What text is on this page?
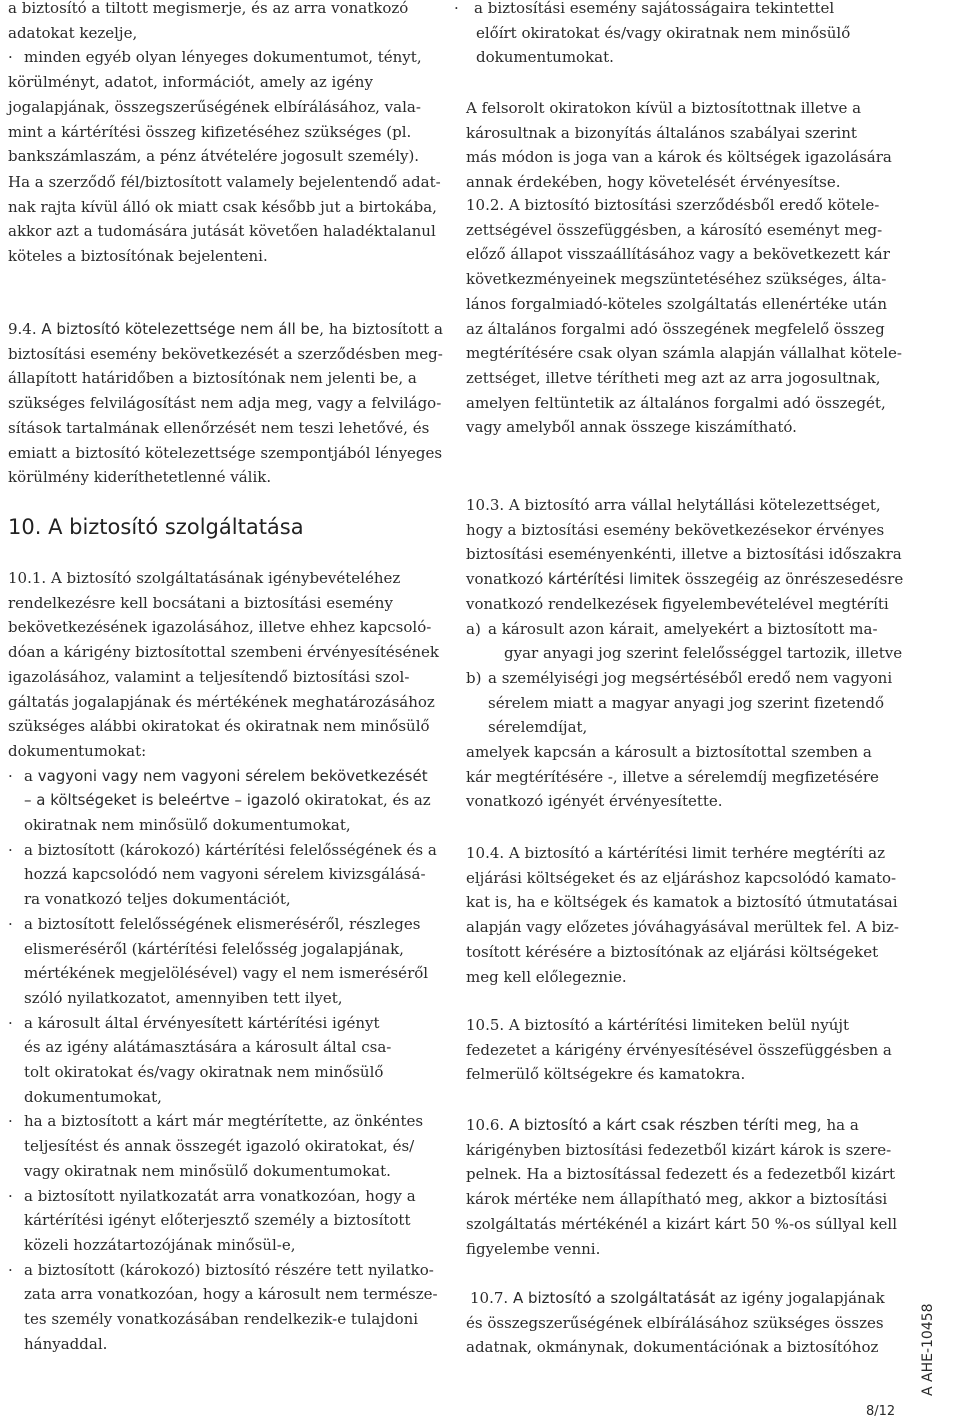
a biztosító a tiltott megismerje, és az arra vonatkozó
adatokat kezelje,
· minden egyéb olyan lényeges dokumentumot, tényt,
körülményt, adatot, információt, amely az igény
jogalapjának, összegszerűségének elbírálásához, vala-
mint a kártérítési összeg kifizetéséhez szükséges (pl.
bankszámlaszám, a pénz átvételére jogosult személy).
Ha a szerződő fél/biztosított valamely bejelentendő adat-
nak rajta kívül álló ok miatt csak később jut a birtokába,
akkor azt a tudomására jutását követően haladéktalanul
köteles a biztosítónak bejelenteni.
9.4. A biztosító kötelezettsége nem áll be, ha biztosított a
biztosítási esemény bekövetkezését a szerződésben meg-
állapított határidőben a biztosítónak nem jelenti be, a
szükséges felvilágosítást nem adja meg, vagy a felvilágo-
sítások tartalmának ellenőrzését nem teszi lehetővé, és
emiatt a biztosító kötelezettsége szempontjából lényeges
körülmény kideríthetetlenné válik.
10. A biztosító szolgáltatása
10.1. A biztosító szolgáltatásának igénybevételéhez
rendelkezésre kell bocsátani a biztosítási esemény
bekövetkezésének igazolásához, illetve ehhez kapcsoló-
dóan a kárigény biztosítottal szembeni érvényesítésének
igazolásához, valamint a teljesítendő biztosítási szol-
gáltatás jogalapjának és mértékének meghatározásához
szükséges alábbi okiratokat és okiratnak nem minősülő
dokumentumokat:
· a vagyoni vagy nem vagyoni sérelem bekövetkezését
– a költségeket is beleértve – igazoló okiratokat, és az
okiratnak nem minősülő dokumentumokat,
· a biztosított (károkozó) kártérítési felelősségének és a
hozzá kapcsolódó nem vagyoni sérelem kivizsgálásá-
ra vonatkozó teljes dokumentációt,
· a biztosított felelősségének elismeréséről, részleges
elismeréséről (kártérítési felelősség jogalapjának,
mértékének megjelölésével) vagy el nem ismeréséről
szóló nyilatkozatot, amennyiben tett ilyet,
· a károsult által érvényesített kártérítési igényt
és az igény alátámasztására a károsult által csa-
tolt okiratokat és/vagy okiratnak nem minősülő
dokumentumokat,
· ha a biztosított a kárt már megtérítette, az önkéntes
teljesítést és annak összegét igazoló okiratokat, és/
vagy okiratnak nem minősülő dokumentumokat.
· a biztosított nyilatkozatát arra vonatkozóan, hogy a
kártérítési igényt előterjesztő személy a biztosított
közeli hozzátartozójának minősül-e,
· a biztosított (károkozó) biztosító részére tett nyilatko-
zata arra vonatkozóan, hogy a károsult nem természe-
tes személy vonatkozásában rendelkezik-e tulajdoni
hányaddal.
· a biztosítási esemény sajátosságaira tekintettel
előírt okiratokat és/vagy okiratnak nem minősülő
dokumentumokat.
A felsorolt okiratokon kívül a biztosítottnak illetve a
károsultnak a bizonyítás általános szabályai szerint
más módon is joga van a károk és költségek igazolására
annak érdekében, hogy követelését érvényesítse.
10.2. A biztosító biztosítási szerződésből eredő kötele-
zettségével összefüggésben, a károsító eseményt meg-
előző állapot visszaállításához vagy a bekövetkezett kár
következményeinek megszüntetéséhez szükséges, álta-
lános forgalmiadó-köteles szolgáltatás ellenértéke után
az általános forgalmi adó összegének megfelelő összeg
megtérítésére csak olyan számla alapján vállalhat kötele-
zettséget, illetve térítheti meg azt az arra jogosultnak,
amelyen feltüntetik az általános forgalmi adó összegét,
vagy amelyből annak összege kiszámítható.
10.3. A biztosító arra vállal helytállási kötelezettséget,
hogy a biztosítási esemény bekövetkezésekor érvényes
biztosítási eseményenkénti, illetve a biztosítási időszakra
vonatkozó kártérítési limitek összegéig az önrészesedésre
vonatkozó rendelkezések figyelembevételével megtéríti
a) a károsult azon kárait, amelyekért a biztosított ma-
gyar anyagi jog szerint felelősséggel tartozik, illetve
b) a személyiségi jog megsértéséből eredő nem vagyoni
sérelem miatt a magyar anyagi jog szerint fizetendő
sérelemdíjat,
amelyek kapcsán a károsult a biztosítottal szemben a
kár megtérítésére -, illetve a sérelemdíj megfizetésére
vonatkozó igényét érvényesítette.
10.4. A biztosító a kártérítési limit terhére megtéríti az
eljárási költségeket és az eljáráshoz kapcsolódó kamato-
kat is, ha e költségek és kamatok a biztosító útmutatásai
alapján vagy előzetes jóváhagyásával merültek fel. A biz-
tosított kérésére a biztosítónak az eljárási költségeket
meg kell előlegeznie.
10.5. A biztosító a kártérítési limiteken belül nyújt
fedezetet a kárigény érvényesítésével összefüggésben a
felmerülő költségekre és kamatokra.
10.6. A biztosító a kárt csak részben téríti meg, ha a
kárigényben biztosítási fedezetből kizárt károk is szere-
pelnek. Ha a biztosítással fedezett és a fedezetből kizárt
károk mértéke nem állapítható meg, akkor a biztosítási
szolgáltatás mértékénél a kizárt kárt 50 %-os súllyal kell
figyelembe venni.
10.7. A biztosító a szolgáltatását az igény jogalapjának
és összegszerűségének elbírálásához szükséges összes
adatnak, okmánynak, dokumentációnak a biztosítóhoz	A AHE-10458
8/12
